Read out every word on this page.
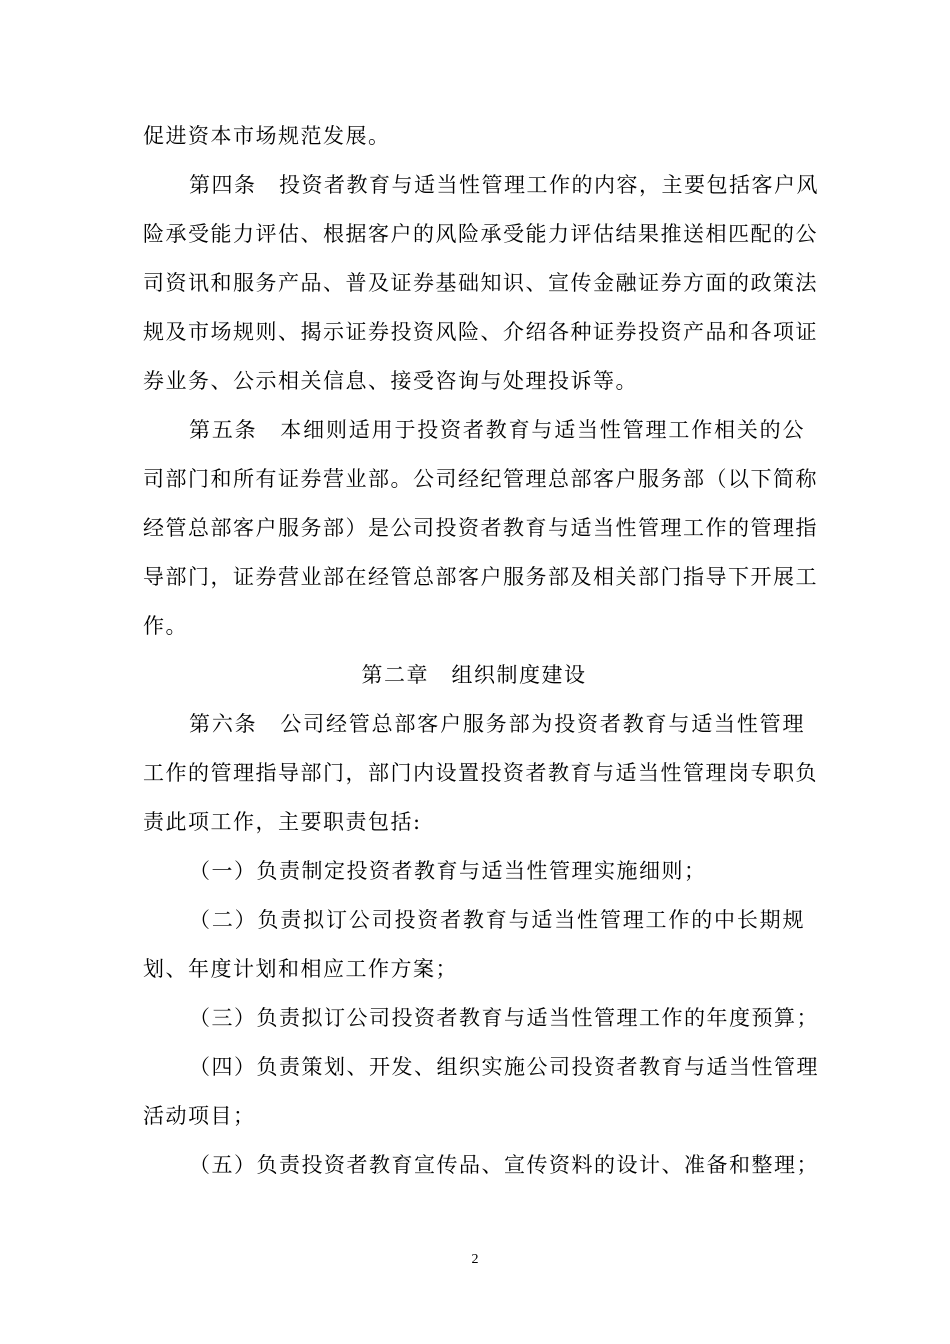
促进资本市场规范发展。
第四条　投资者教育与适当性管理工作的内容，主要包括客户风
险承受能力评估、根据客户的风险承受能力评估结果推送相匹配的公
司资讯和服务产品、普及证券基础知识、宣传金融证券方面的政策法
规及市场规则、揭示证券投资风险、介绍各种证券投资产品和各项证
券业务、公示相关信息、接受咨询与处理投诉等。
第五条　本细则适用于投资者教育与适当性管理工作相关的公
司部门和所有证券营业部。公司经纪管理总部客户服务部（以下简称
经管总部客户服务部）是公司投资者教育与适当性管理工作的管理指
导部门，证券营业部在经管总部客户服务部及相关部门指导下开展工
作。
第二章　组织制度建设
第六条　公司经管总部客户服务部为投资者教育与适当性管理
工作的管理指导部门，部门内设置投资者教育与适当性管理岗专职负
责此项工作，主要职责包括:
（一）负责制定投资者教育与适当性管理实施细则；
（二）负责拟订公司投资者教育与适当性管理工作的中长期规
划、年度计划和相应工作方案；
（三）负责拟订公司投资者教育与适当性管理工作的年度预算；
（四）负责策划、开发、组织实施公司投资者教育与适当性管理
活动项目；
（五）负责投资者教育宣传品、宣传资料的设计、准备和整理；
2
